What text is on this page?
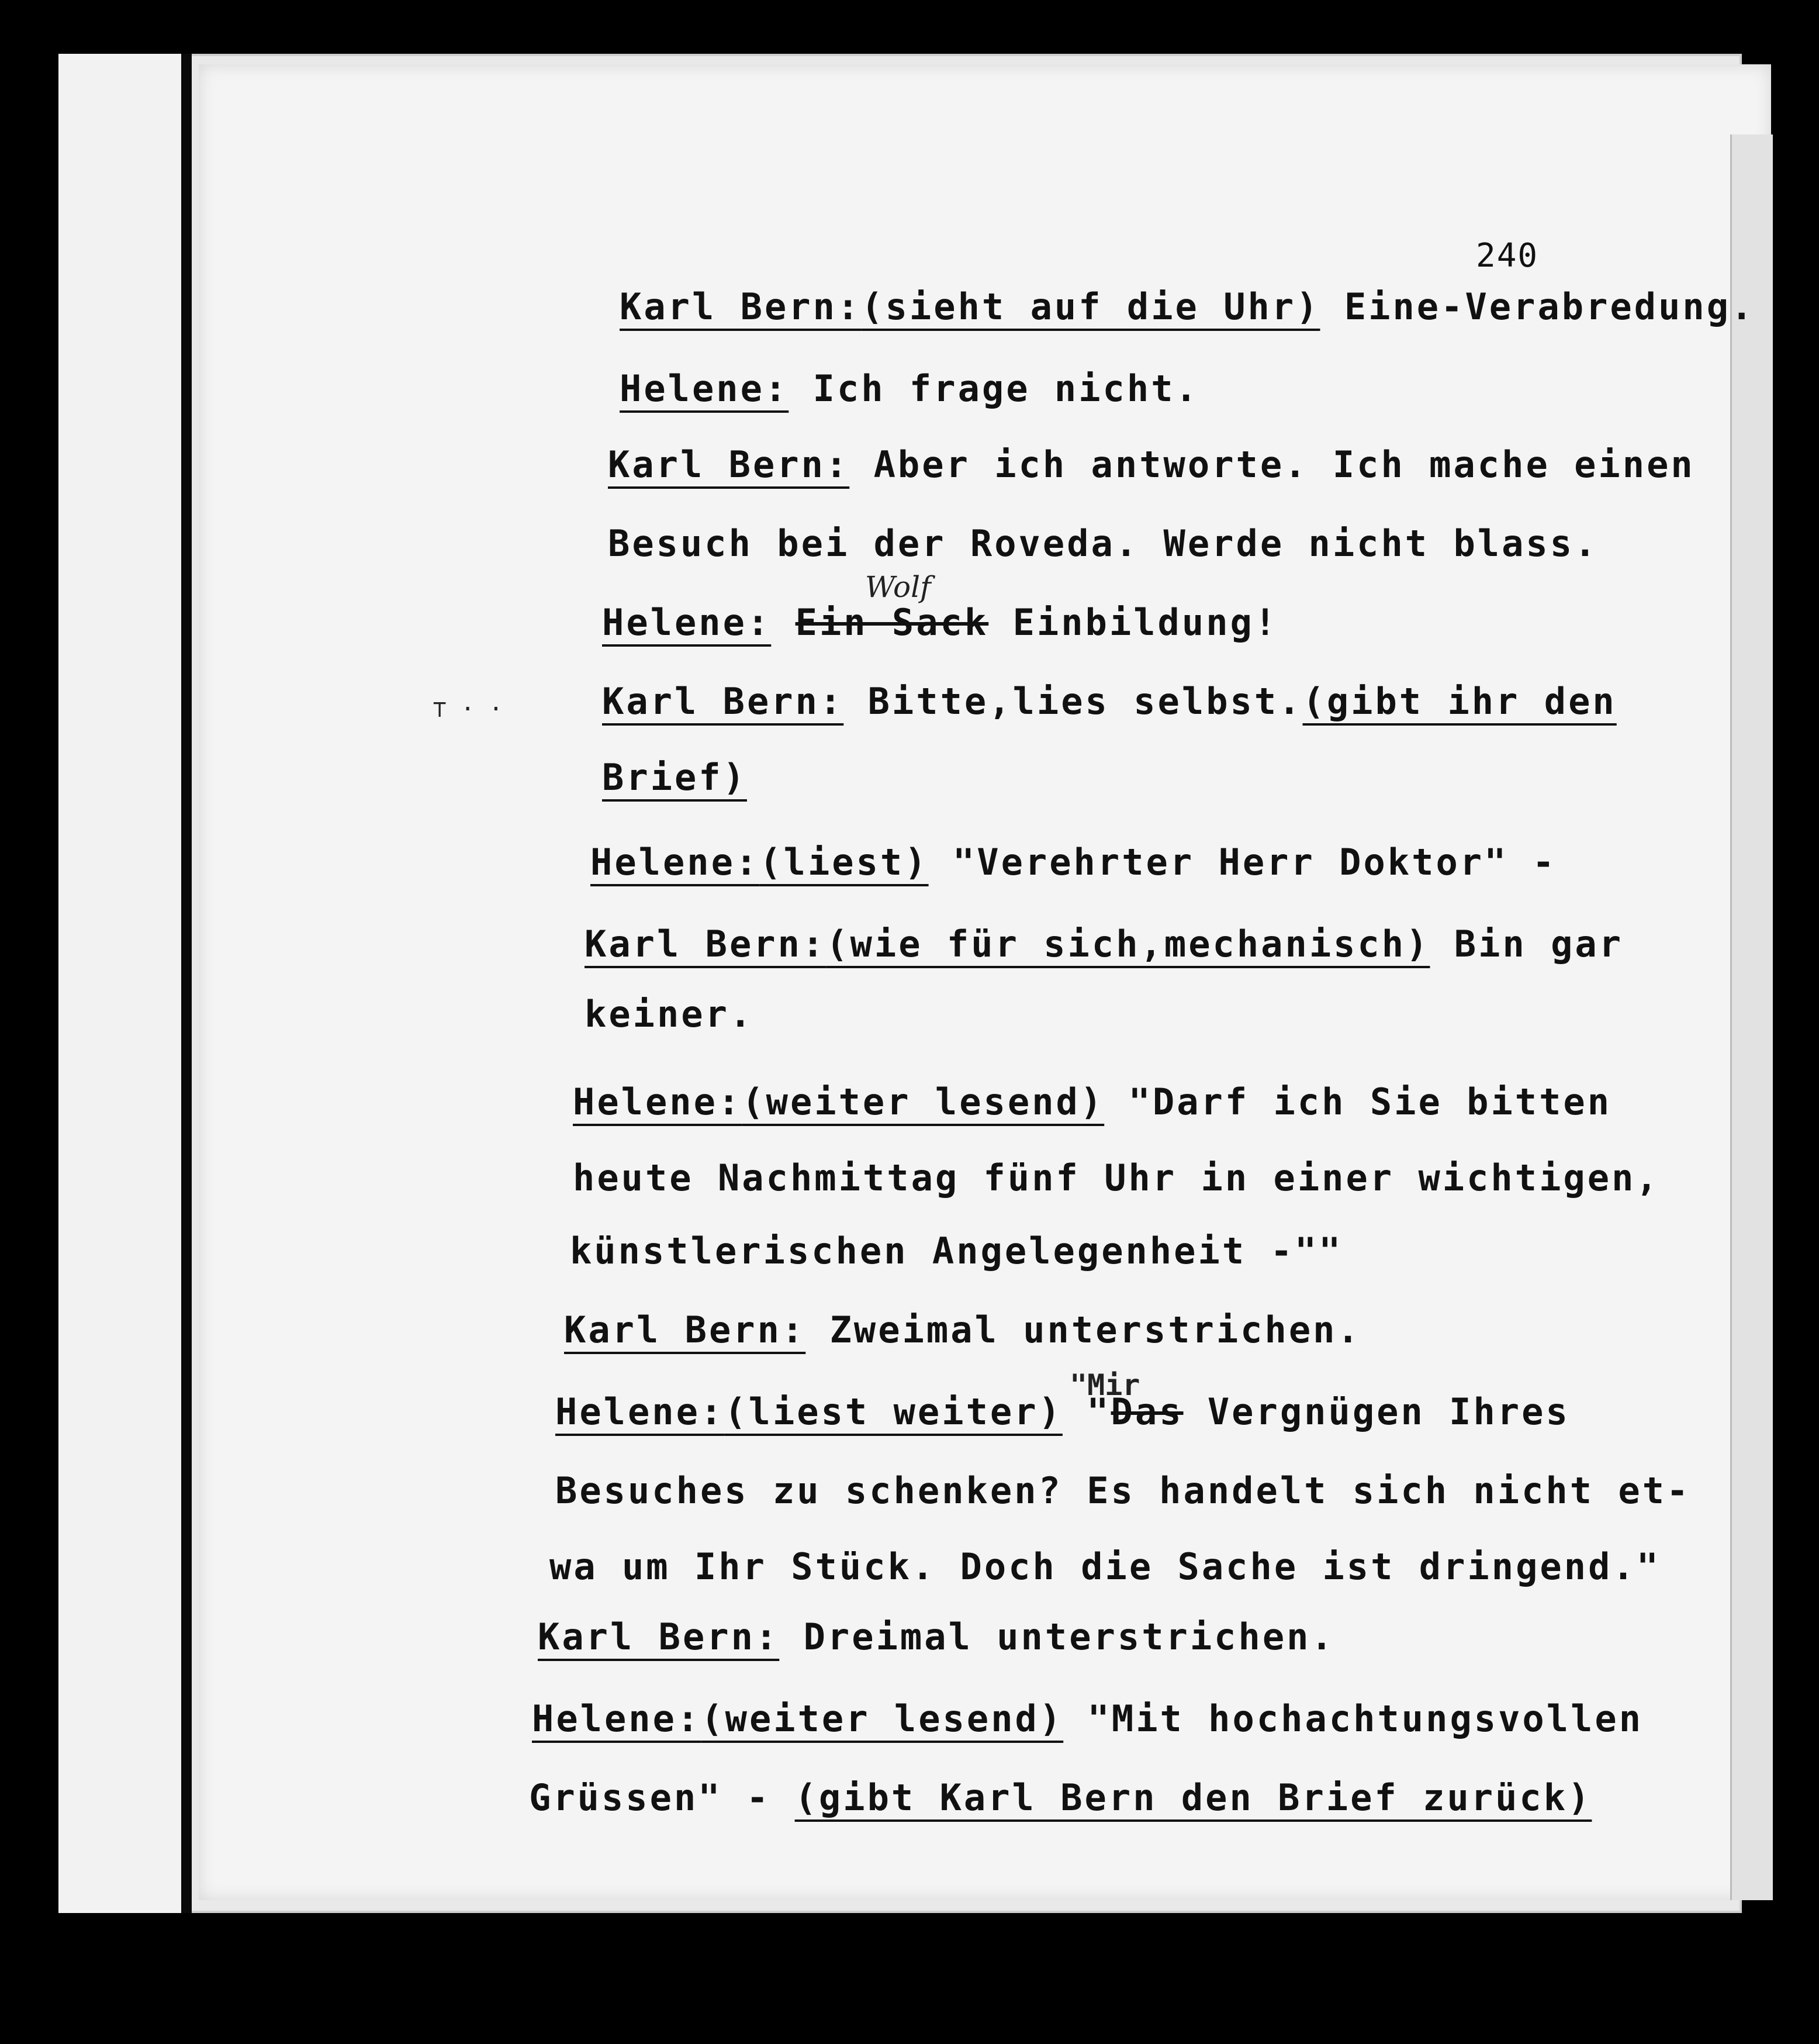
240
Karl Bern:(sieht auf die Uhr) Eine-Verabredung.
Helene: Ich frage nicht.
Karl Bern: Aber ich antworte. Ich mache einen
Besuch bei der Roveda. Werde nicht blass.
Helene: Ein Sack Einbildung!
Wolf
Karl Bern: Bitte,lies selbst.(gibt ihr den
⊤ · ·
Brief)
Helene:(liest) "Verehrter Herr Doktor" -
Karl Bern:(wie für sich,mechanisch) Bin gar
keiner.
Helene:(weiter lesend) "Darf ich Sie bitten
heute Nachmittag fünf Uhr in einer wichtigen,
künstlerischen Angelegenheit -""
Karl Bern: Zweimal unterstrichen.
Helene:(liest weiter) "Das Vergnügen Ihres
"Mir
Besuches zu schenken? Es handelt sich nicht et-
wa um Ihr Stück. Doch die Sache ist dringend."
Karl Bern: Dreimal unterstrichen.
Helene:(weiter lesend) "Mit hochachtungsvollen
Grüssen" - (gibt Karl Bern den Brief zurück)
